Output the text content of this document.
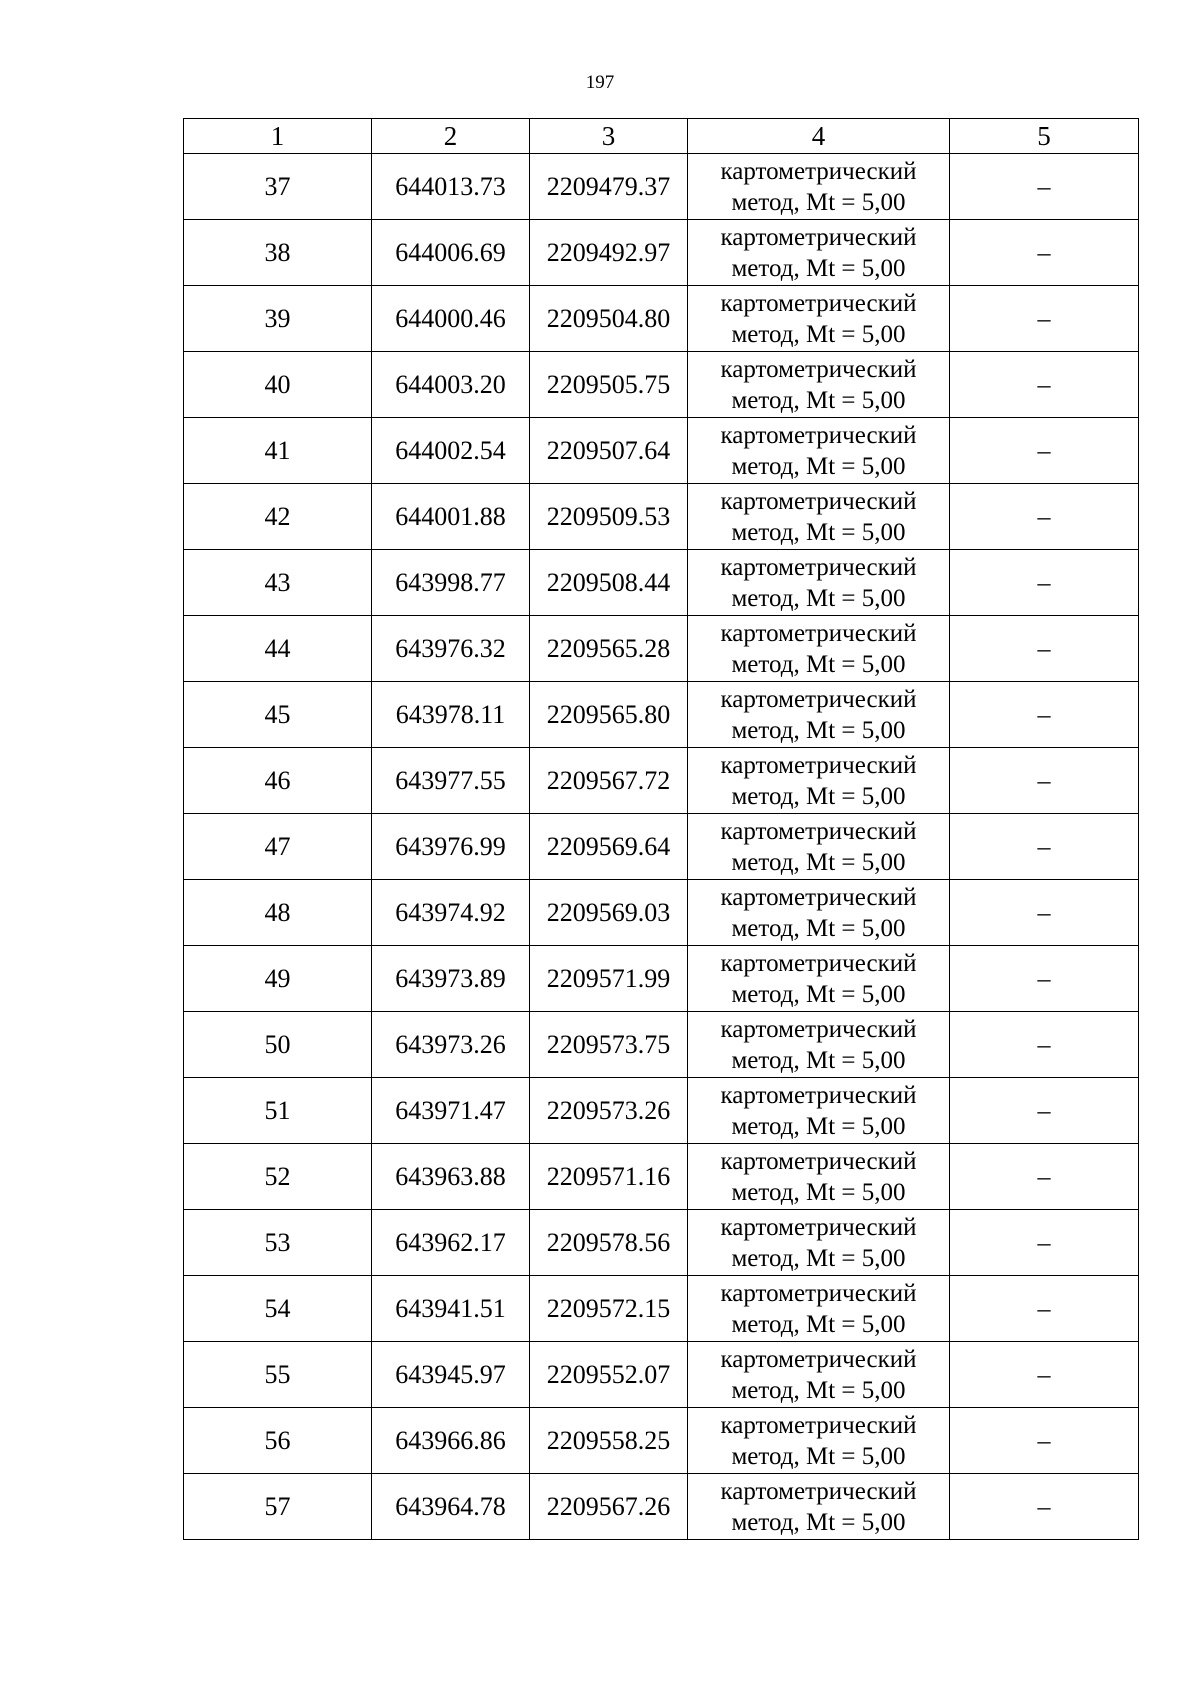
197
1	2	3	4	5
37	644013.73	2209479.37	картометрический
метод, Mt = 5,00	–
38	644006.69	2209492.97	картометрический
метод, Mt = 5,00	–
39	644000.46	2209504.80	картометрический
метод, Mt = 5,00	–
40	644003.20	2209505.75	картометрический
метод, Mt = 5,00	–
41	644002.54	2209507.64	картометрический
метод, Mt = 5,00	–
42	644001.88	2209509.53	картометрический
метод, Mt = 5,00	–
43	643998.77	2209508.44	картометрический
метод, Mt = 5,00	–
44	643976.32	2209565.28	картометрический
метод, Mt = 5,00	–
45	643978.11	2209565.80	картометрический
метод, Mt = 5,00	–
46	643977.55	2209567.72	картометрический
метод, Mt = 5,00	–
47	643976.99	2209569.64	картометрический
метод, Mt = 5,00	–
48	643974.92	2209569.03	картометрический
метод, Mt = 5,00	–
49	643973.89	2209571.99	картометрический
метод, Mt = 5,00	–
50	643973.26	2209573.75	картометрический
метод, Mt = 5,00	–
51	643971.47	2209573.26	картометрический
метод, Mt = 5,00	–
52	643963.88	2209571.16	картометрический
метод, Mt = 5,00	–
53	643962.17	2209578.56	картометрический
метод, Mt = 5,00	–
54	643941.51	2209572.15	картометрический
метод, Mt = 5,00	–
55	643945.97	2209552.07	картометрический
метод, Mt = 5,00	–
56	643966.86	2209558.25	картометрический
метод, Mt = 5,00	–
57	643964.78	2209567.26	картометрический
метод, Mt = 5,00	–
